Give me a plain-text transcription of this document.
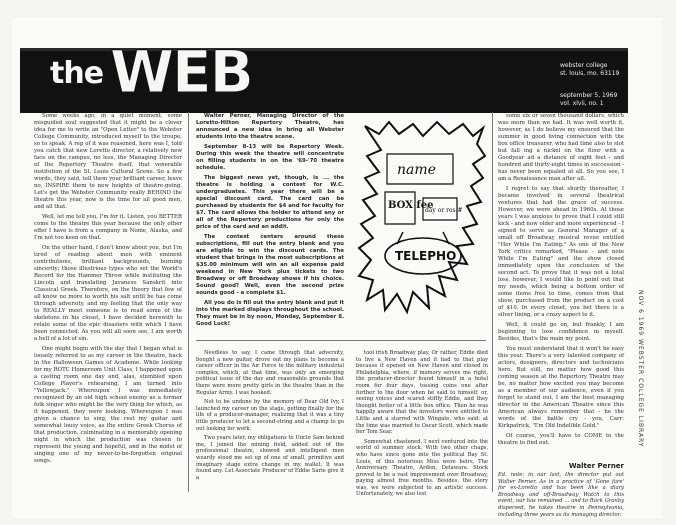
the WEB	webster college
st. louis, mo. 63119
september 5, 1969
vol. xlvii, no. 1
THEATRE!

Some weeks ago, in a quiet moment, some misguided soul suggested that it might be a clever idea for me to write an "Open Letter" to the Webster College Community, introduced myself to the troupe, so to speak. A rep of it was reasoned, here was I, told you catch that new Loretto director, a relatively new face on the campus, no less, the Managing Director of the Repertory Theatre itself, that venerable institution of the St. Louis Cultural Scene. So a few words, they said, tell them your brilliant career, leave no, INSPIRE them to new heights of theatre-going. Let's get the Webster Community really BEHIND the theatre this year, now is the time for all good men, and all that.

Well, let me tell you, I'm for it. Listen, you BETTER come to the theatre this year because the only other offer I have is from a company in Nome, Alaska, and I'm not too keen on that.

On the other hand, I don't know about you, but I'm tired of reading about men with eminent contributions, brilliant backgrounds, burning sincerity; those illustrious types who set the World's Record for the Hammer Throw while instituting the Lincoln and translating Javanese Sanskrit into Classical Greek. Therefore, on the theory that few of all know no more to worth his salt until he has come through adversity, and my feeling that the only way to REALLY meet someone is to read some of the skeletons in his closet, I have decided herewith to relate some of the epic disasters with which I have been connected. As you will all soon see, I am worth a hell of a lot of sin.

One might begin with the day that I began what is loosely referred to as my career in the theatre, back in the Halloween Games of Academe. While looking for my ROTC Homeroom Unit Class, I happened upon a casting room one day and, alas, stumbled upon College Player's rehearsing, I am turned into "Yellowjack." Whereupon I was immediately recognized by an old high school enemy as a former folk singer who might be the very thing for which, as it happened, they were looking. Whereupon I was given a chance to sing, the rest my guitar and somewhat lousy voice, as the entire Greek Chorus of that production, culminating in a memorably opening night in which the production was chosen to represent the young and hopeful, and in the midst of singing one of my never-to-be-forgotten original songs.

Walter Perner, Managing Director of the Loretto-Hilton Repertory Theatre, has announced a new idea in bring all Webster students into the theatre scene.

September 8-13 will be Repertory Week. During this week the theatre will concentrate on filling students in on the '69-'70 theatre schedule.

The biggest news yet, though, is ... the theatre is holding a contest for W.C. undergraduates. This year there will be a special discount card. The card can be purchased by students for $4 and for faculty for $7. The card allows the holder to attend any or all of the Repertory productions for only the price of the card and an addit.

The contest centers around these subscriptions, fill out the entry blank and you are eligible to win the discount cards. The student that brings in the most subscriptions at $35.00 minimum will win an all expense paid weekend in New York plus tickets to two Broadway or off Broadway shows if his choice. Sound good? Well, even the second prize sounds good - a complete $1.

All you do is fill out the entry blank and put it into the marked displays throughout the school. They must be in by noon, Monday, September 8. Good Luck!

name
BOX fee
day or res.#
TELEPHO

Needless to say, I came through that adversity, bought a new guitar, drove out my plans to become a career officer in the Air Force to the military industrial complex, which, at that time, was only an emerging political issue of the day and reasonable grounds that there were more pretty girls in the theatre than in the Regular Army. I was hooked.

Not to be undone by the memory of Dear Old Ivy, I launched my career on the stage, getting finally for the life of a producer-manager, realizing that it was a tiny little producer to let a second-string and a champ to go out looking for work.

Two years later, my obligations to Uncle Sam behind me, I joined the mining field, added out of the professional theatre, showed and intelligent men wearily stood me set up of one of small, primitive and imaginary stage extra change in my wallet. It was found any. Let Associate Producer of Eddie Sarie give it a

tool irish Broadway play, Or rather, Eddie died to live a New Haven and it had to that play because it opened on New Haven and closed in Philadelphia, where, if memory serves me right, the producer-director found himself in a hotel room for four days, tossing coins one after further to the door when he said to himself, or, seeing voices and scared stiffly Eddie, and they thought better of a little box office. Then he was happily aware that the investors were entitled to Little and a starred with Wingate, who said: at the time was married to Oscar Scott, which made her Tom Sear.

Somewhat chastened, I next ventured into the world of summer stock. With two other chaps, who have since gone into the political Bay St. Louis, of this notorious Miss were heirs, The Anniversary Theatre, Arden, Delaware. Stock proved to be a vast improvement over Broadway, paying almost free months. Besides, the story was, we were subjected to an artistic success. Unfortunately, we also lost

some six or seven thousand dollars, which was more than we had. It was well worth it, however, as I do believe my ensured that the summer in good living connection with the box office treasurer, who had time also to slot but fall ing a nickel on the floor with a Goodyear ad a distance of eight feet - and hundred and thirty-eight times in succession - has never been equaled at all. So you see, I am a Renaissance man after all.

I regret to say that shortly thereafter, I became involved in several theatrical ventures that had the grace of success. However, we were ahead in 1960s. At those years I was anxious to prove that I could still kick - and now older and more experienced - I signed to serve as General Manager of a small off Broadway musical revue entitled "Her While I'm Eating." As one of the New York critics remarked, "Please - and note While I'm Eating" and the show closed immediately upon the conclusion of the second act. To prove that it was not a total loss, however, I would like to point out that my needs, which being a bottom order of some items free to time, comes from that show, purchased from the product on a cost of $10. In every closet, you bet there is a silver lining, or a crazy aspect to it.

Well, it could go on, but frankly, I am beginning to lose confidence in myself. Besides, that's the main my point.

You must understand that it won't be easy this year. There's a very talented company of actors, designers, directors and technicians here. But still, no matter how good this coming season at the Repertory Theatre may be, no matter how excited you may become as a member of our audience, even if you forget to stand out, I am the best managing director in the American Theatre since this American always remember that - he the words of the battle cry - you, Carr: Kirkpatrick, "I'm Old Indelible Gold."

Of course, you'll have to COME to the theatre to find out.

Walter Perner
Ed. note: in our last, the director put out Walter Perner. As in a practice of 'Gone fare' for ex-Loretto and has been like a diary Broadway and off-Broadway Watch to this event, our has remained ... and to Rock Granby dispersed, he takes theatre in Pennsylvania, including three years as its managing director.
NOV 6 1969 WEBSTER COLLEGE LIBRARY
